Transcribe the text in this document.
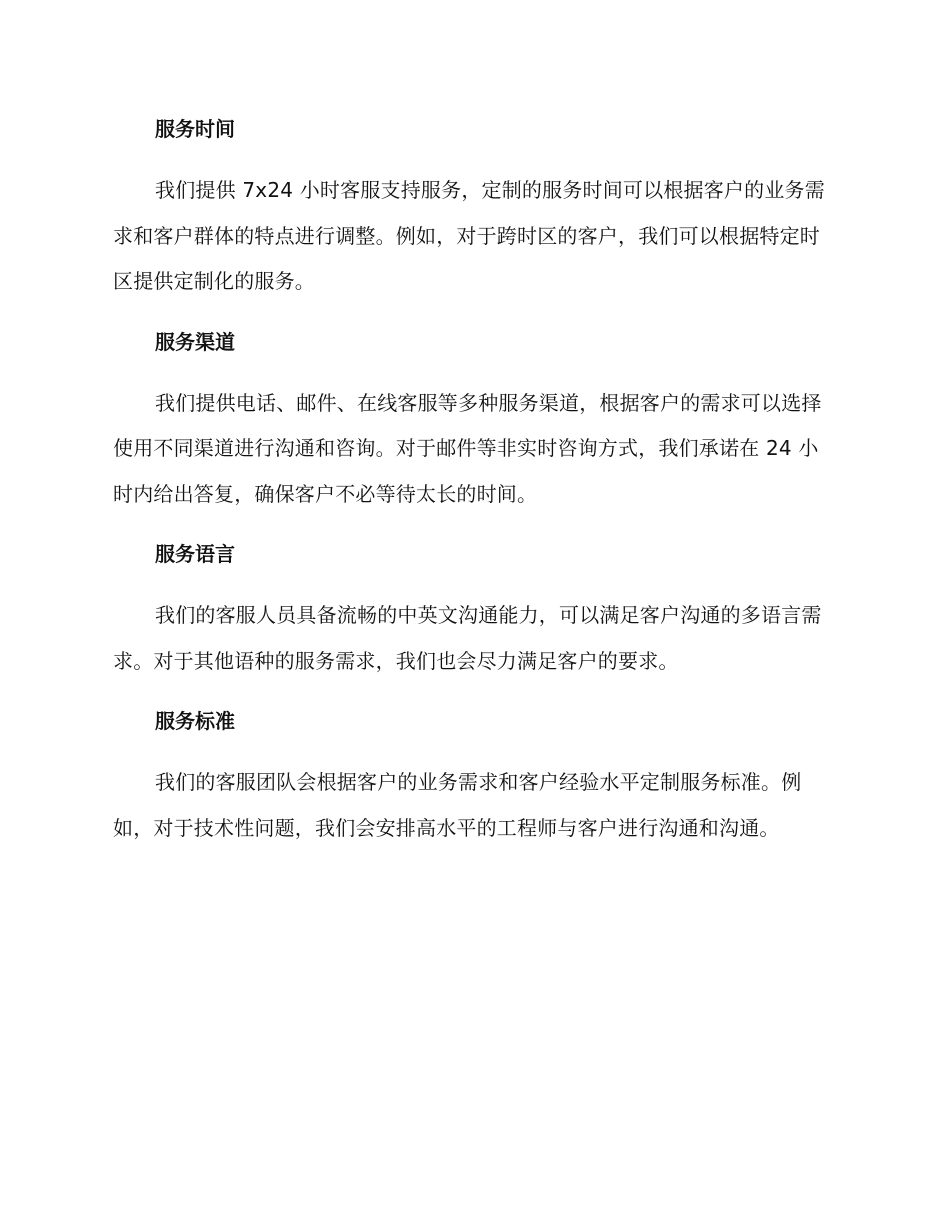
服务时间

我们提供 7x24 小时客服支持服务，定制的服务时间可以根据客户的业务需求和客户群体的特点进行调整。例如，对于跨时区的客户，我们可以根据特定时区提供定制化的服务。

服务渠道

我们提供电话、邮件、在线客服等多种服务渠道，根据客户的需求可以选择使用不同渠道进行沟通和咨询。对于邮件等非实时咨询方式，我们承诺在 24 小时内给出答复，确保客户不必等待太长的时间。

服务语言

我们的客服人员具备流畅的中英文沟通能力，可以满足客户沟通的多语言需求。对于其他语种的服务需求，我们也会尽力满足客户的要求。

服务标准

我们的客服团队会根据客户的业务需求和客户经验水平定制服务标准。例如，对于技术性问题，我们会安排高水平的工程师与客户进行沟通和沟通。
